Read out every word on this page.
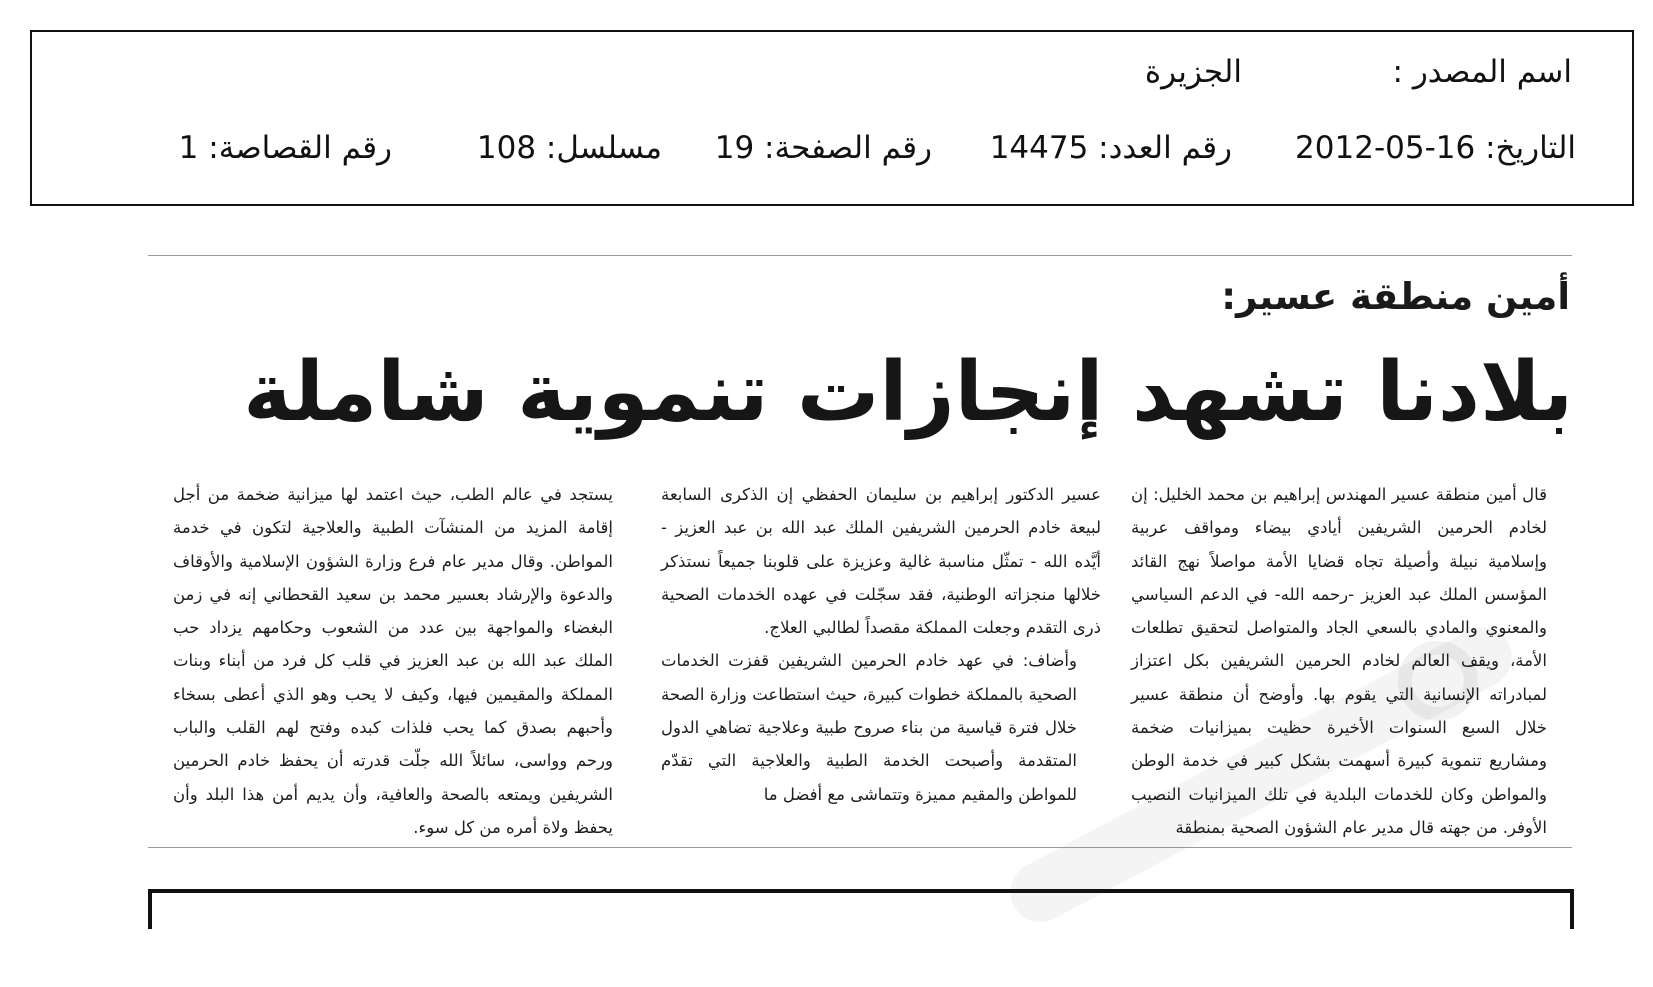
اسم المصدر :
الجزيرة
التاريخ: 16-05-2012
رقم العدد: 14475
رقم الصفحة: 19
مسلسل: 108
رقم القصاصة: 1
أمين منطقة عسير:
بلادنا تشهد إنجازات تنموية شاملة

قال أمين منطقة عسير المهندس إبراهيم بن محمد الخليل: إن لخادم الحرمين الشريفين أيادي بيضاء ومواقف عربية وإسلامية نبيلة وأصيلة تجاه قضايا الأمة مواصلاً نهج القائد المؤسس الملك عبد العزيز -رحمه الله- في الدعم السياسي والمعنوي والمادي بالسعي الجاد والمتواصل لتحقيق تطلعات الأمة، ويقف العالم لخادم الحرمين الشريفين بكل اعتزاز لمبادراته الإنسانية التي يقوم بها. وأوضح أن منطقة عسير خلال السبع السنوات الأخيرة حظيت بميزانيات ضخمة ومشاريع تنموية كبيرة أسهمت بشكل كبير في خدمة الوطن والمواطن وكان للخدمات البلدية في تلك الميزانيات النصيب الأوفر. من جهته قال مدير عام الشؤون الصحية بمنطقة

عسير الدكتور إبراهيم بن سليمان الحفظي إن الذكرى السابعة لبيعة خادم الحرمين الشريفين الملك عبد الله بن عبد العزيز - أيَّده الله - تمثّل مناسبة غالية وعزيزة على قلوبنا جميعاً نستذكر خلالها منجزاته الوطنية، فقد سجّلت في عهده الخدمات الصحية ذرى التقدم وجعلت المملكة مقصداً لطالبي العلاج.

وأضاف: في عهد خادم الحرمين الشريفين قفزت الخدمات الصحية بالمملكة خطوات كبيرة، حيث استطاعت وزارة الصحة خلال فترة قياسية من بناء صروح طبية وعلاجية تضاهي الدول المتقدمة وأصبحت الخدمة الطبية والعلاجية التي تقدّم للمواطن والمقيم مميزة وتتماشى مع أفضل ما

يستجد في عالم الطب، حيث اعتمد لها ميزانية ضخمة من أجل إقامة المزيد من المنشآت الطبية والعلاجية لتكون في خدمة المواطن. وقال مدير عام فرع وزارة الشؤون الإسلامية والأوقاف والدعوة والإرشاد بعسير محمد بن سعيد القحطاني إنه في زمن البغضاء والمواجهة بين عدد من الشعوب وحكامهم يزداد حب الملك عبد الله بن عبد العزيز في قلب كل فرد من أبناء وبنات المملكة والمقيمين فيها، وكيف لا يحب وهو الذي أعطى بسخاء وأحبهم بصدق كما يحب فلذات كبده وفتح لهم القلب والباب ورحم وواسى، سائلاً الله جلّت قدرته أن يحفظ خادم الحرمين الشريفين ويمتعه بالصحة والعافية، وأن يديم أمن هذا البلد وأن يحفظ ولاة أمره من كل سوء.
